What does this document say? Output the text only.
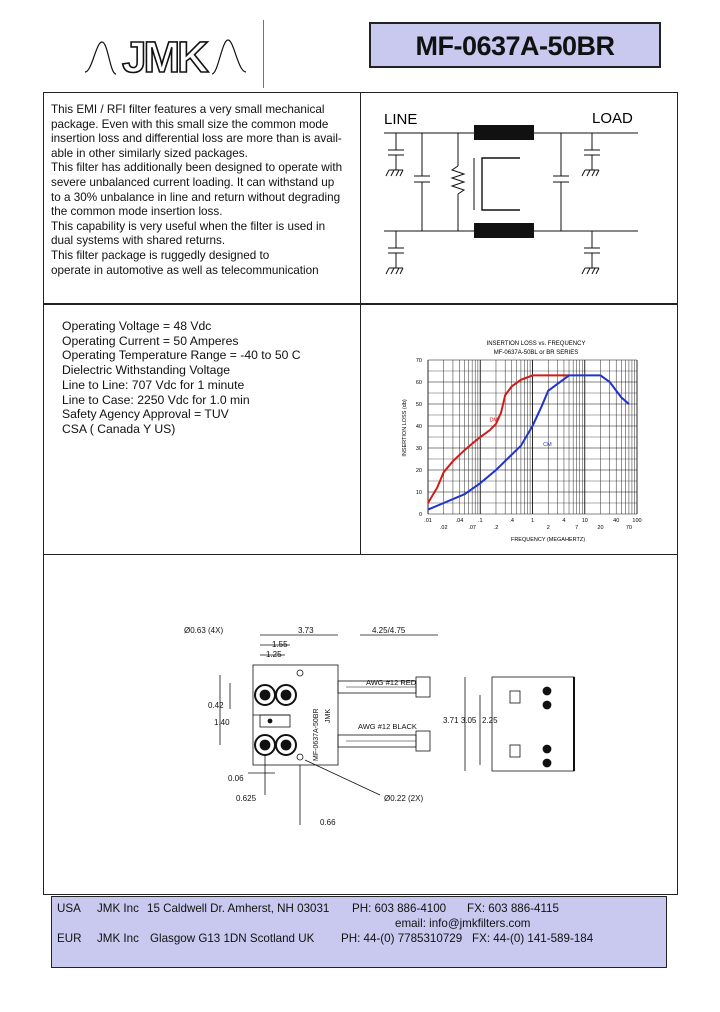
JMK	MF-0637A-50BR
This EMI / RFI filter features a very small mechanical
package. Even with this small size the common mode
insertion loss and differential loss are more than is avail-
able in other similarly sized packages.
This filter has additionally been designed to operate with
severe unbalanced current loading. It can withstand up
to a 30% unbalance in line and return without degrading
the common mode insertion loss.
This capability is very useful when the filter is used in
dual systems with shared returns.
This filter package is ruggedly designed to
operate in automotive as well as telecommunication
LINE	LOAD
Operating Voltage = 48 Vdc
Operating Current = 50 Amperes
Operating Temperature Range = -40 to 50 C
Dielectric Withstanding Voltage
Line to Line: 707 Vdc for 1 minute
Line to Case: 2250 Vdc for 1.0 min
Safety Agency Approval = TUV
CSA ( Canada Y US)
INSERTION LOSS vs. FREQUENCY
MF-0637A-50BL or BR SERIES
0
10
20
30
40
50
60
70
.01	.04	.1	.4	1	4	10	40 100
.02	.07	.2	2	7	20	70
DM
CM
INSERTION LOSS (db)
FREQUENCY (MEGAHERTZ)
Ø0.63 (4X)	3.73
1.55
1.25
4.25/4.75
0.42
1.40	3.71 3.05 2.25
0.06
0.625	Ø0.22 (2X)
0.66
AWG #12 RED
AWG #12 BLACK
MF-0637A-50BR JMK
USA JMK Inc 15 Caldwell Dr. Amherst, NH 03031 PH: 603 886-4100 FX: 603 886-4115
email: info@jmkfilters.com
EUR JMK Inc Glasgow G13 1DN Scotland UK PH: 44-(0) 7785310729 FX: 44-(0) 141-589-184
